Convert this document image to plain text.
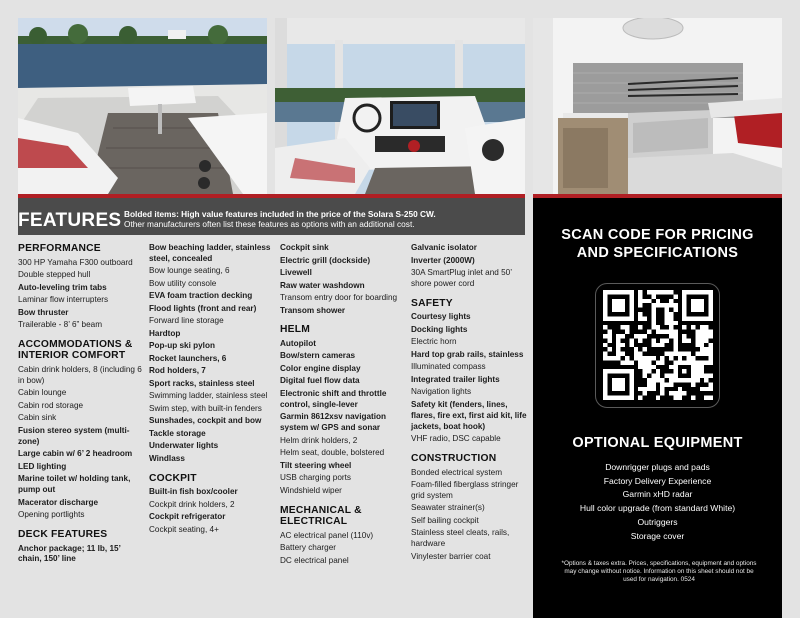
FEATURES Bolded items: High value features included in the price of the Solara S-250 CW.
Other manufacturers often list these features as options with an additional cost.
PERFORMANCE
300 HP Yamaha F300 outboard
Double stepped hull
Auto-leveling trim tabs
Laminar flow interrupters
Bow thruster
Trailerable - 8’ 6” beam
ACCOMMODATIONS & INTERIOR COMFORT
Cabin drink holders, 8 (including 6 in bow)
Cabin lounge
Cabin rod storage
Cabin sink
Fusion stereo system (multi-zone)
Large cabin w/ 6’ 2 headroom
LED lighting
Marine toilet w/ holding tank, pump out
Macerator discharge
Opening portlights
DECK FEATURES
Anchor package; 11 lb, 15’ chain, 150’ line
Bow beaching ladder, stainless steel, concealed
Bow lounge seating, 6
Bow utility console
EVA foam traction decking
Flood lights (front and rear)
Forward line storage
Hardtop
Pop-up ski pylon
Rocket launchers, 6
Rod holders, 7
Sport racks, stainless steel
Swimming ladder, stainless steel
Swim step, with built-in fenders
Sunshades, cockpit and bow
Tackle storage
Underwater lights
Windlass
COCKPIT
Built-in fish box/cooler
Cockpit drink holders, 2
Cockpit refrigerator
Cockpit seating, 4+
Cockpit sink
Electric grill (dockside)
Livewell
Raw water washdown
Transom entry door for boarding
Transom shower
HELM
Autopilot
Bow/stern cameras
Color engine display
Digital fuel flow data
Electronic shift and throttle control, single-lever
Garmin 8612xsv navigation system w/ GPS and sonar
Helm drink holders, 2
Helm seat, double, bolstered
Tilt steering wheel
USB charging ports
Windshield wiper
MECHANICAL & ELECTRICAL
AC electrical panel (110v)
Battery charger
DC electrical panel
Galvanic isolator
Inverter (2000W)
30A SmartPlug inlet and 50’ shore power cord
SAFETY
Courtesy lights
Docking lights
Electric horn
Hard top grab rails, stainless
Illuminated compass
Integrated trailer lights
Navigation lights
Safety kit (fenders, lines, flares, fire ext, first aid kit, life jackets, boat hook)
VHF radio, DSC capable
CONSTRUCTION
Bonded electrical system
Foam-filled fiberglass stringer grid system
Seawater strainer(s)
Self bailing cockpit
Stainless steel cleats, rails, hardware
Vinylester barrier coat
SCAN CODE FOR PRICING
AND SPECIFICATIONS
OPTIONAL EQUIPMENT
Downrigger plugs and pads
Factory Delivery Experience
Garmin xHD radar
Hull color upgrade (from standard White)
Outriggers
Storage cover
*Options & taxes extra. Prices, specifications, equipment and options may change without notice. Information on this sheet should not be used for navigation. 0524
